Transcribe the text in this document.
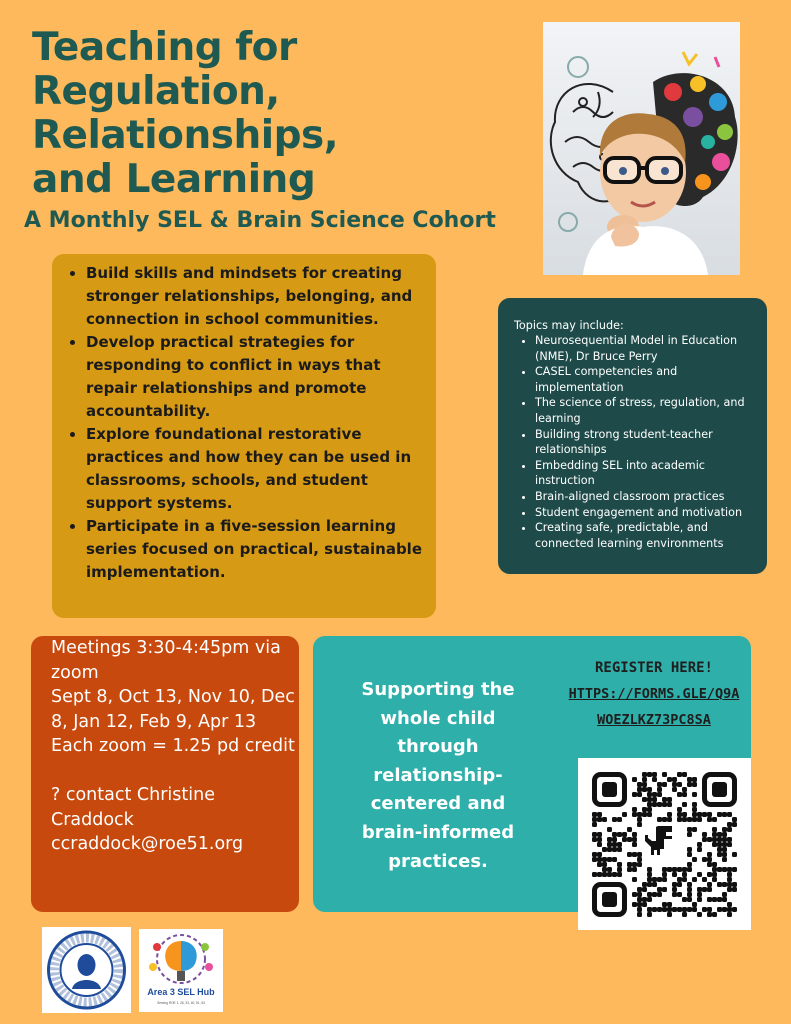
Teaching for
Regulation,
Relationships,
and Learning
A Monthly SEL & Brain Science Cohort
• Build skills and mindsets for creating stronger relationships, belonging, and connection in school communities.
• Develop practical strategies for responding to conflict in ways that repair relationships and promote accountability.
• Explore foundational restorative practices and how they can be used in classrooms, schools, and student support systems.
• Participate in a five-session learning series focused on practical, sustainable implementation.

Topics may include:

• Neurosequential Model in Education (NME), Dr Bruce Perry
• CASEL competencies and implementation
• The science of stress, regulation, and learning
• Building strong student-teacher relationships
• Embedding SEL into academic instruction
• Brain-aligned classroom practices
• Student engagement and motivation
• Creating safe, predictable, and connected learning environments

Meetings 3:30-4:45pm via zoom

Sept 8, Oct 13, Nov 10, Dec 8, Jan 12, Feb 9, Apr 13

Each zoom = 1.25 pd credit

? contact Christine Craddock

ccraddock@roe51.org

Supporting the whole child through relationship-centered and brain-informed practices.

REGISTER HERE!
HTTPS://FORMS.GLE/Q9A
WOEZLKZ73PC8SA
Area 3 SEL Hub
Serving ROE 1, 26, 33, 40, 51, 53
